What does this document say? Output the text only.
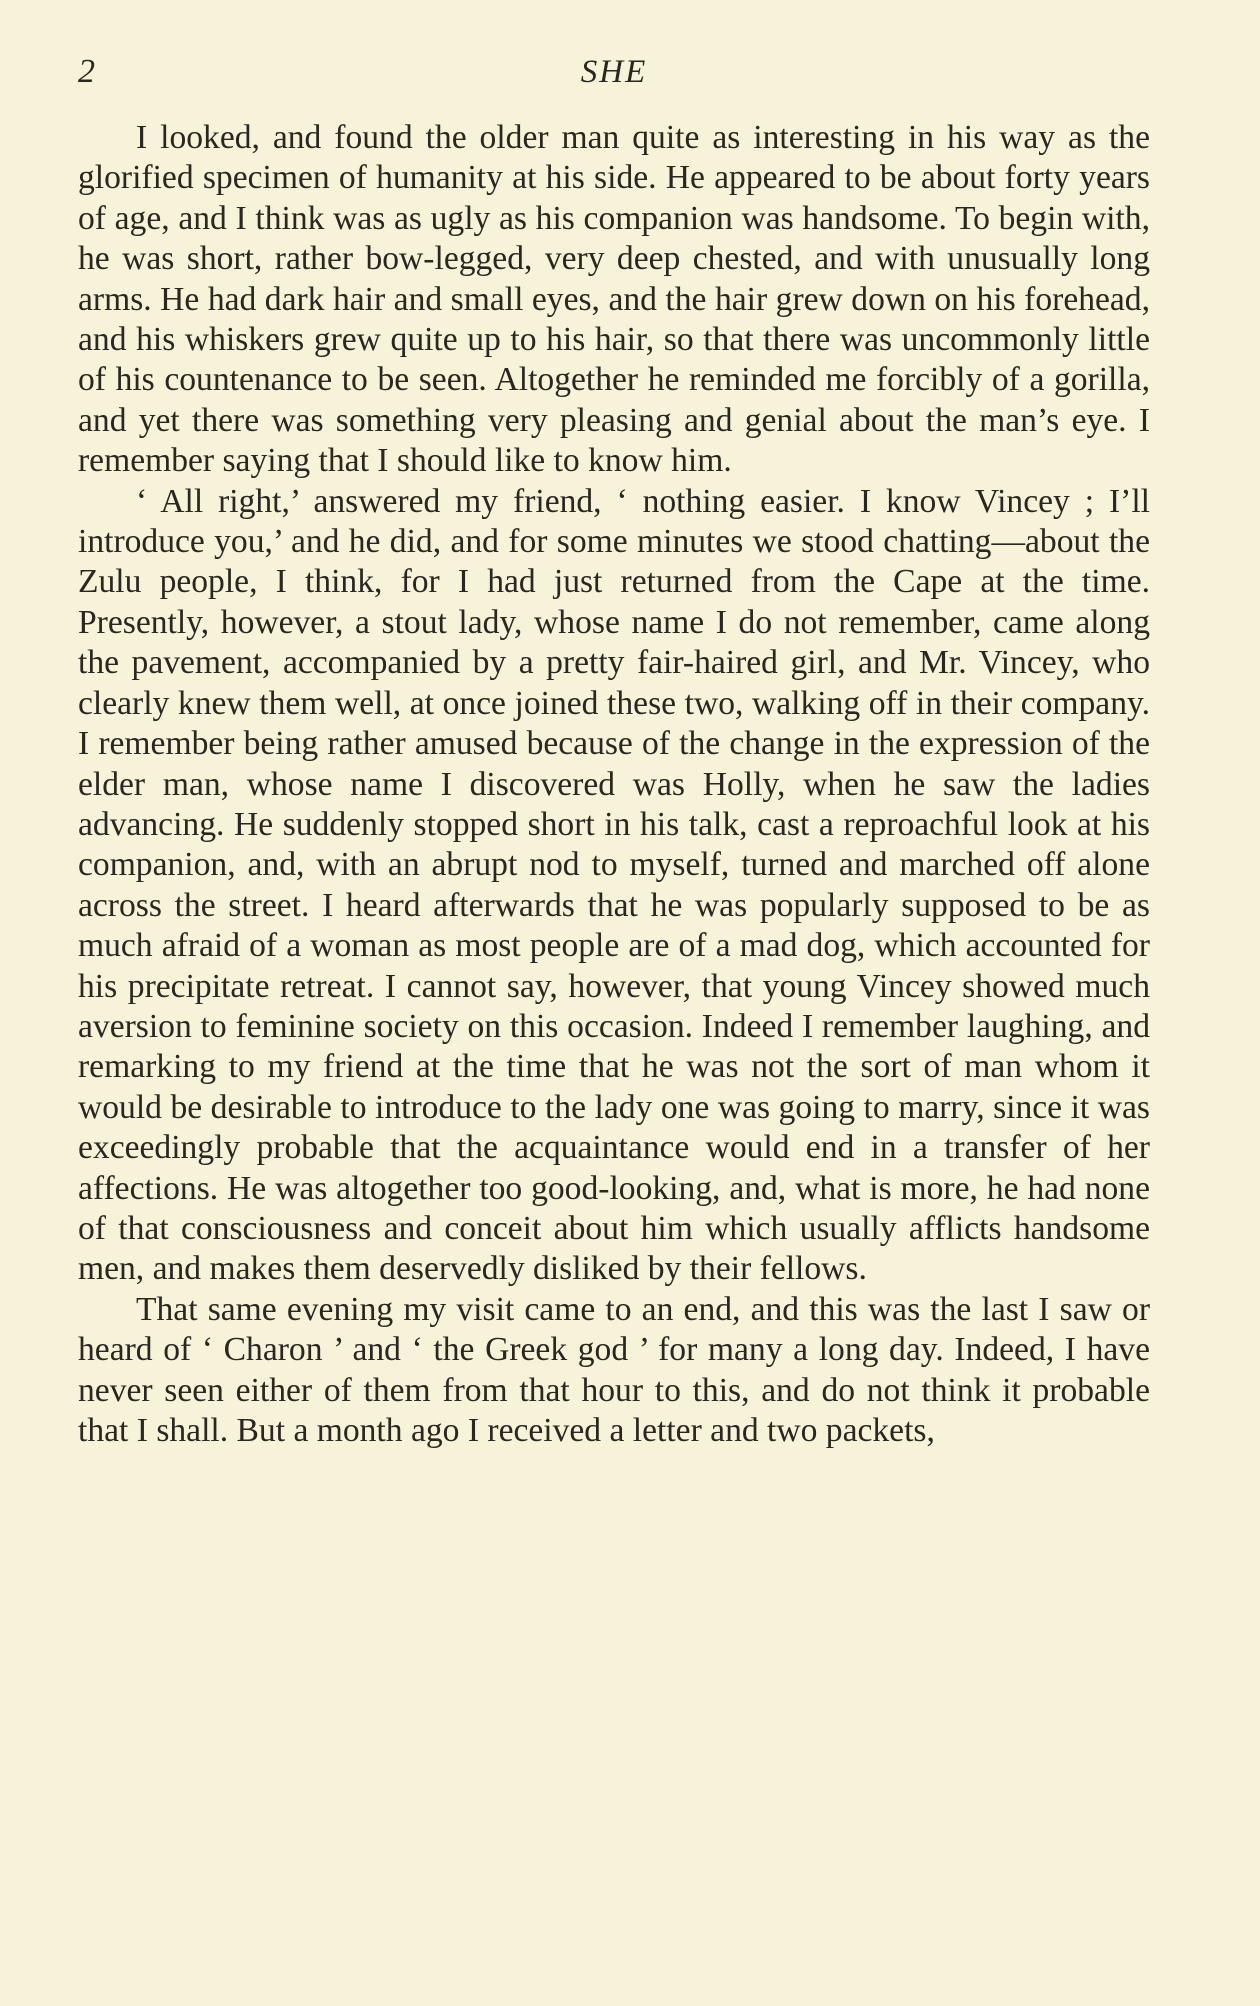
2	SHE

I looked, and found the older man quite as interesting in his way as the glorified specimen of humanity at his side. He appeared to be about forty years of age, and I think was as ugly as his companion was handsome. To begin with, he was short, rather bow-legged, very deep chested, and with unusually long arms. He had dark hair and small eyes, and the hair grew down on his forehead, and his whiskers grew quite up to his hair, so that there was uncommonly little of his countenance to be seen. Altogether he reminded me forcibly of a gorilla, and yet there was something very pleasing and genial about the man’s eye. I remember saying that I should like to know him.

‘ All right,’ answered my friend, ‘ nothing easier. I know Vincey ; I’ll introduce you,’ and he did, and for some minutes we stood chatting—about the Zulu people, I think, for I had just returned from the Cape at the time. Presently, however, a stout lady, whose name I do not remember, came along the pavement, accompanied by a pretty fair-haired girl, and Mr. Vincey, who clearly knew them well, at once joined these two, walking off in their company. I remember being rather amused because of the change in the expression of the elder man, whose name I discovered was Holly, when he saw the ladies advancing. He suddenly stopped short in his talk, cast a reproachful look at his companion, and, with an abrupt nod to myself, turned and marched off alone across the street. I heard afterwards that he was popularly supposed to be as much afraid of a woman as most people are of a mad dog, which accounted for his precipitate retreat. I cannot say, however, that young Vincey showed much aversion to feminine society on this occasion. Indeed I remember laughing, and remarking to my friend at the time that he was not the sort of man whom it would be desirable to introduce to the lady one was going to marry, since it was exceedingly probable that the acquaintance would end in a transfer of her affections. He was altogether too good-looking, and, what is more, he had none of that consciousness and conceit about him which usually afflicts handsome men, and makes them deservedly disliked by their fellows.

That same evening my visit came to an end, and this was the last I saw or heard of ‘ Charon ’ and ‘ the Greek god ’ for many a long day. Indeed, I have never seen either of them from that hour to this, and do not think it probable that I shall. But a month ago I received a letter and two packets,
